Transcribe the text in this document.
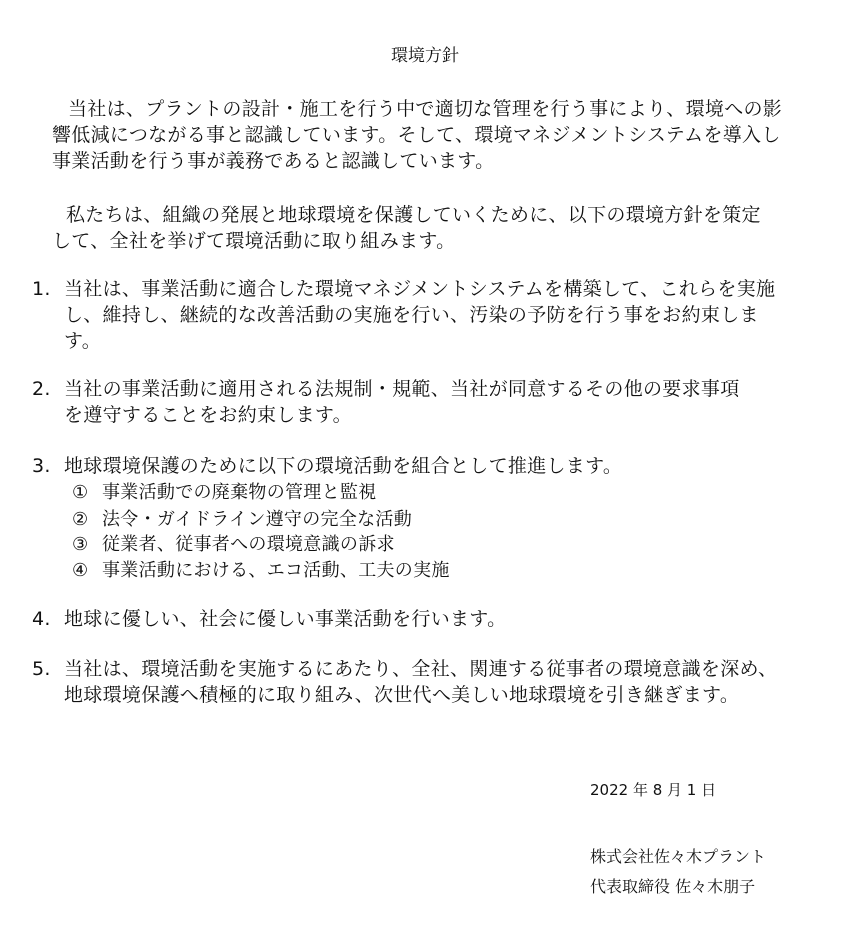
環境方針
当社は、プラントの設計・施工を行う中で適切な管理を行う事により、環境への影
響低減につながる事と認識しています。そして、環境マネジメントシステムを導入し
事業活動を行う事が義務であると認識しています。
私たちは、組織の発展と地球環境を保護していくために、以下の環境方針を策定
して、全社を挙げて環境活動に取り組みます。
1. 当社は、事業活動に適合した環境マネジメントシステムを構築して、これらを実施
し、維持し、継続的な改善活動の実施を行い、汚染の予防を行う事をお約束しま
す。
2. 当社の事業活動に適用される法規制・規範、当社が同意するその他の要求事項
を遵守することをお約束します。
3. 地球環境保護のために以下の環境活動を組合として推進します。
① 事業活動での廃棄物の管理と監視
② 法令・ガイドライン遵守の完全な活動
③ 従業者、従事者への環境意識の訴求
④ 事業活動における、エコ活動、工夫の実施
4. 地球に優しい、社会に優しい事業活動を行います。
5. 当社は、環境活動を実施するにあたり、全社、関連する従事者の環境意識を深め、
地球環境保護へ積極的に取り組み、次世代へ美しい地球環境を引き継ぎます。
2022 年 8 月 1 日
株式会社佐々木プラント
代表取締役 佐々木朋子
